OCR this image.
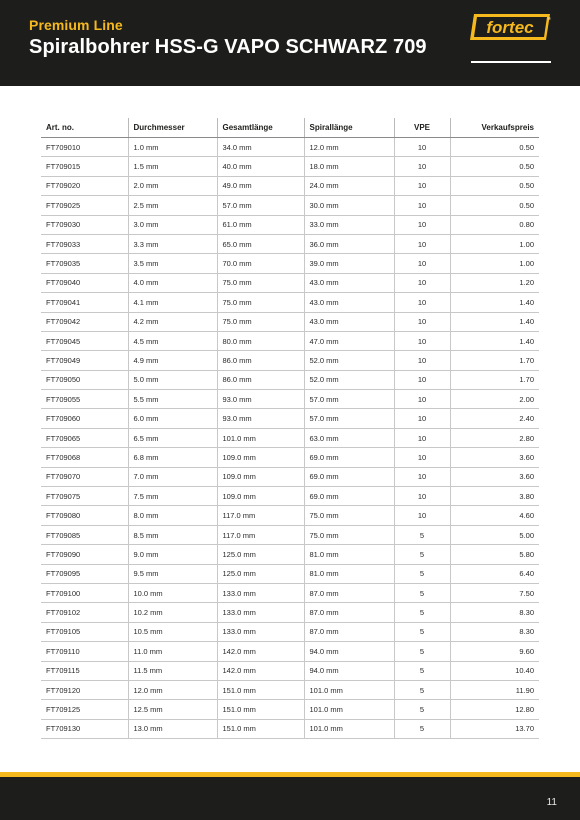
Premium Line
Spiralbohrer HSS-G VAPO SCHWARZ 709
fortec	®
Art. no.	Durchmesser	Gesamtlänge	Spirallänge	VPE	Verkaufspreis
FT709010	1.0 mm	34.0 mm	12.0 mm	10	0.50
FT709015	1.5 mm	40.0 mm	18.0 mm	10	0.50
FT709020	2.0 mm	49.0 mm	24.0 mm	10	0.50
FT709025	2.5 mm	57.0 mm	30.0 mm	10	0.50
FT709030	3.0 mm	61.0 mm	33.0 mm	10	0.80
FT709033	3.3 mm	65.0 mm	36.0 mm	10	1.00
FT709035	3.5 mm	70.0 mm	39.0 mm	10	1.00
FT709040	4.0 mm	75.0 mm	43.0 mm	10	1.20
FT709041	4.1 mm	75.0 mm	43.0 mm	10	1.40
FT709042	4.2 mm	75.0 mm	43.0 mm	10	1.40
FT709045	4.5 mm	80.0 mm	47.0 mm	10	1.40
FT709049	4.9 mm	86.0 mm	52.0 mm	10	1.70
FT709050	5.0 mm	86.0 mm	52.0 mm	10	1.70
FT709055	5.5 mm	93.0 mm	57.0 mm	10	2.00
FT709060	6.0 mm	93.0 mm	57.0 mm	10	2.40
FT709065	6.5 mm	101.0 mm	63.0 mm	10	2.80
FT709068	6.8 mm	109.0 mm	69.0 mm	10	3.60
FT709070	7.0 mm	109.0 mm	69.0 mm	10	3.60
FT709075	7.5 mm	109.0 mm	69.0 mm	10	3.80
FT709080	8.0 mm	117.0 mm	75.0 mm	10	4.60
FT709085	8.5 mm	117.0 mm	75.0 mm	5	5.00
FT709090	9.0 mm	125.0 mm	81.0 mm	5	5.80
FT709095	9.5 mm	125.0 mm	81.0 mm	5	6.40
FT709100	10.0 mm	133.0 mm	87.0 mm	5	7.50
FT709102	10.2 mm	133.0 mm	87.0 mm	5	8.30
FT709105	10.5 mm	133.0 mm	87.0 mm	5	8.30
FT709110	11.0 mm	142.0 mm	94.0 mm	5	9.60
FT709115	11.5 mm	142.0 mm	94.0 mm	5	10.40
FT709120	12.0 mm	151.0 mm	101.0 mm	5	11.90
FT709125	12.5 mm	151.0 mm	101.0 mm	5	12.80
FT709130	13.0 mm	151.0 mm	101.0 mm	5	13.70
11
